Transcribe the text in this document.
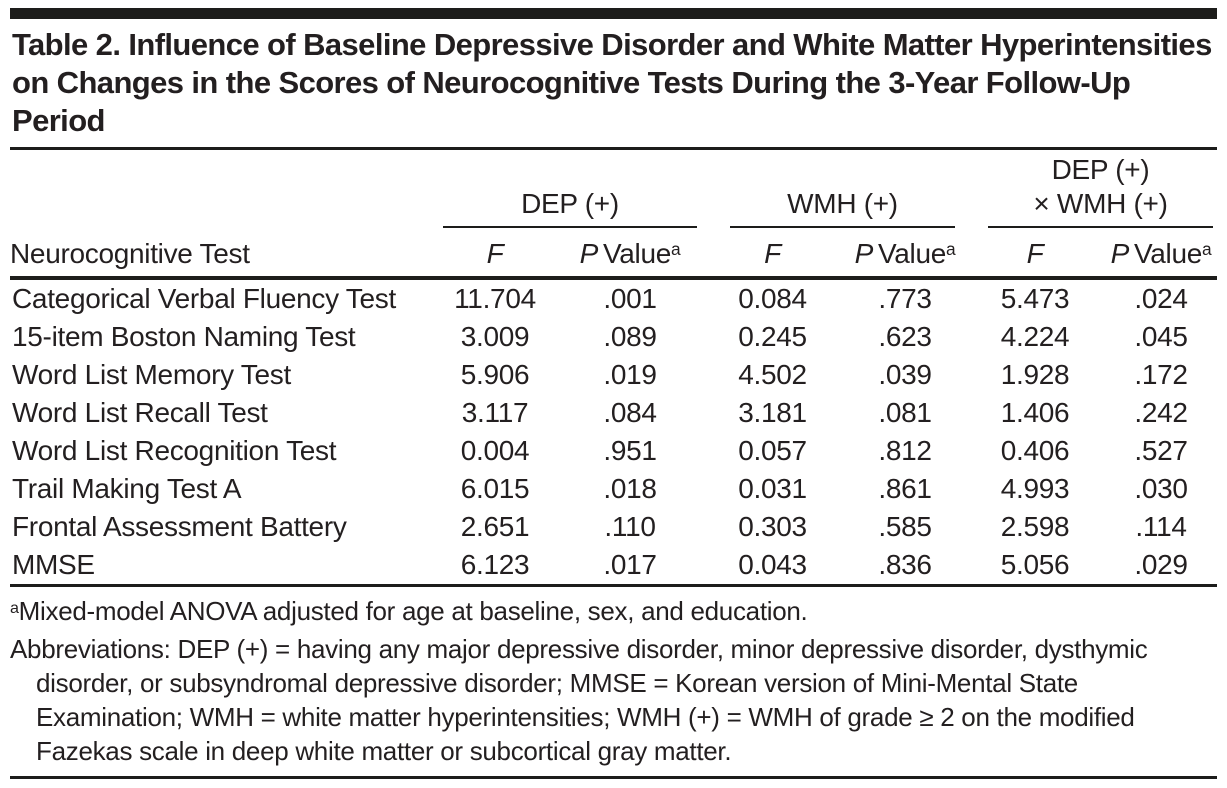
Table 2. Influence of Baseline Depressive Disorder and White Matter Hyperintensities on Changes in the Scores of Neurocognitive Tests During the 3-Year Follow-Up Period

	DEP (+)		WMH (+)		DEP (+)
× WMH (+)	

Neurocognitive Test	F	P Value$^a$	F	P Value$^a$	F	P Value$^a$
Categorical Verbal Fluency Test	11.704	.001	0.084	.773	5.473	.024
15-item Boston Naming Test	3.009	.089	0.245	.623	4.224	.045
Word List Memory Test	5.906	.019	4.502	.039	1.928	.172
Word List Recall Test	3.117	.084	3.181	.081	1.406	.242
Word List Recognition Test	0.004	.951	0.057	.812	0.406	.527
Trail Making Test A	6.015	.018	0.031	.861	4.993	.030
Frontal Assessment Battery	2.651	.110	0.303	.585	2.598	.114
MMSE	6.123	.017	0.043	.836	5.056	.029

$^a$Mixed-model ANOVA adjusted for age at baseline, sex, and education.

Abbreviations: DEP (+) = having any major depressive disorder, minor depressive disorder, dysthymic disorder, or subsyndromal depressive disorder; MMSE = Korean version of Mini-Mental State Examination; WMH = white matter hyperintensities; WMH (+) = WMH of grade ≥ 2 on the modified Fazekas scale in deep white matter or subcortical gray matter.
